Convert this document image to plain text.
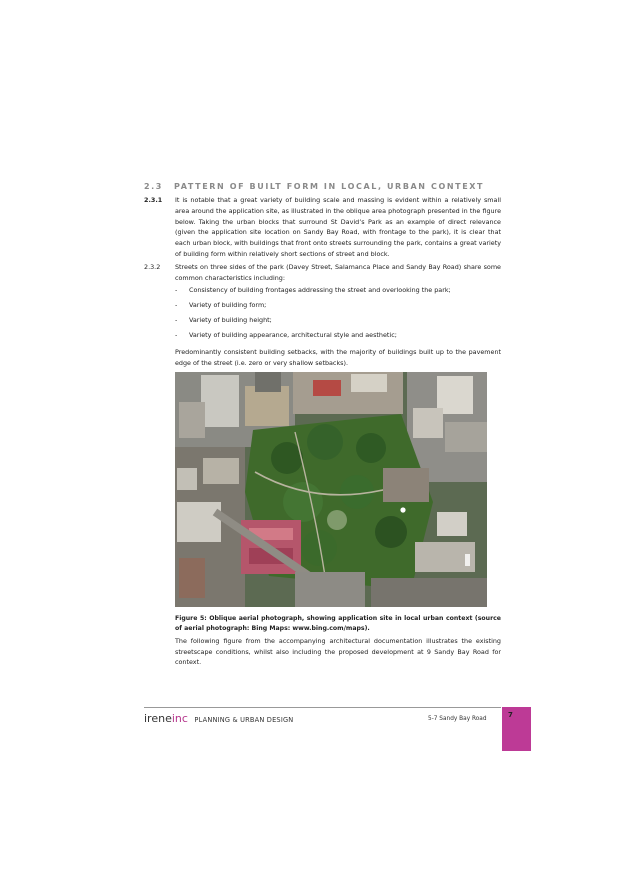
2.3 PATTERN OF BUILT FORM IN LOCAL, URBAN CONTEXT
2.3.1	It is notable that a great variety of building scale and massing is evident within a relatively small area around the application site, as illustrated in the oblique area photograph presented in the figure below. Taking the urban blocks that surround St David’s Park as an example of direct relevance (given the application site location on Sandy Bay Road, with frontage to the park), it is clear that each urban block, with buildings that front onto streets surrounding the park, contains a great variety of building form within relatively short sections of street and block.
2.3.2	Streets on three sides of the park (Davey Street, Salamanca Place and Sandy Bay Road) share some common characteristics including:
-	Consistency of building frontages addressing the street and overlooking the park;
-	Variety of building form;
-	Variety of building height;
-	Variety of building appearance, architectural style and aesthetic;
Predominantly consistent building setbacks, with the majority of buildings built up to the pavement edge of the street (i.e. zero or very shallow setbacks).
Figure 5: Oblique aerial photograph, showing application site in local urban context (source of aerial photograph: Bing Maps: www.bing.com/maps).
The following figure from the accompanying architectural documentation illustrates the existing streetscape conditions, whilst also including the proposed development at 9 Sandy Bay Road for context.
ireneinc PLANNING & URBAN DESIGN	5-7 Sandy Bay Road	7
